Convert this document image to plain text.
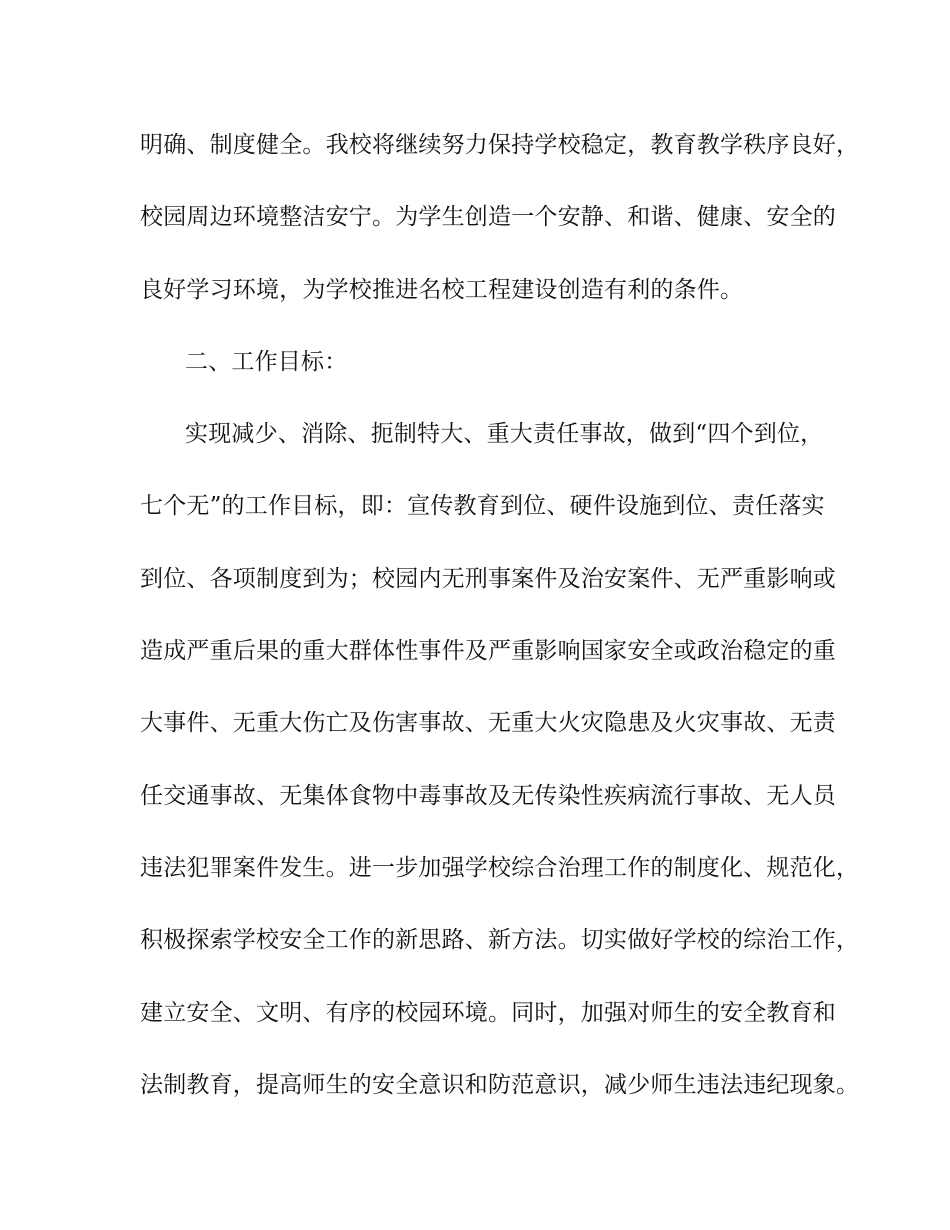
明确、制度健全。我校将继续努力保持学校稳定，教育教学秩序良好，

校园周边环境整洁安宁。为学生创造一个安静、和谐、健康、安全的

良好学习环境，为学校推进名校工程建设创造有利的条件。

二、工作目标：

实现减少、消除、扼制特大、重大责任事故，做到“四个到位，

七个无”的工作目标，即：宣传教育到位、硬件设施到位、责任落实

到位、各项制度到为；校园内无刑事案件及治安案件、无严重影响或

造成严重后果的重大群体性事件及严重影响国家安全或政治稳定的重

大事件、无重大伤亡及伤害事故、无重大火灾隐患及火灾事故、无责

任交通事故、无集体食物中毒事故及无传染性疾病流行事故、无人员

违法犯罪案件发生。进一步加强学校综合治理工作的制度化、规范化，

积极探索学校安全工作的新思路、新方法。切实做好学校的综治工作，

建立安全、文明、有序的校园环境。同时，加强对师生的安全教育和

法制教育，提高师生的安全意识和防范意识，减少师生违法违纪现象。
